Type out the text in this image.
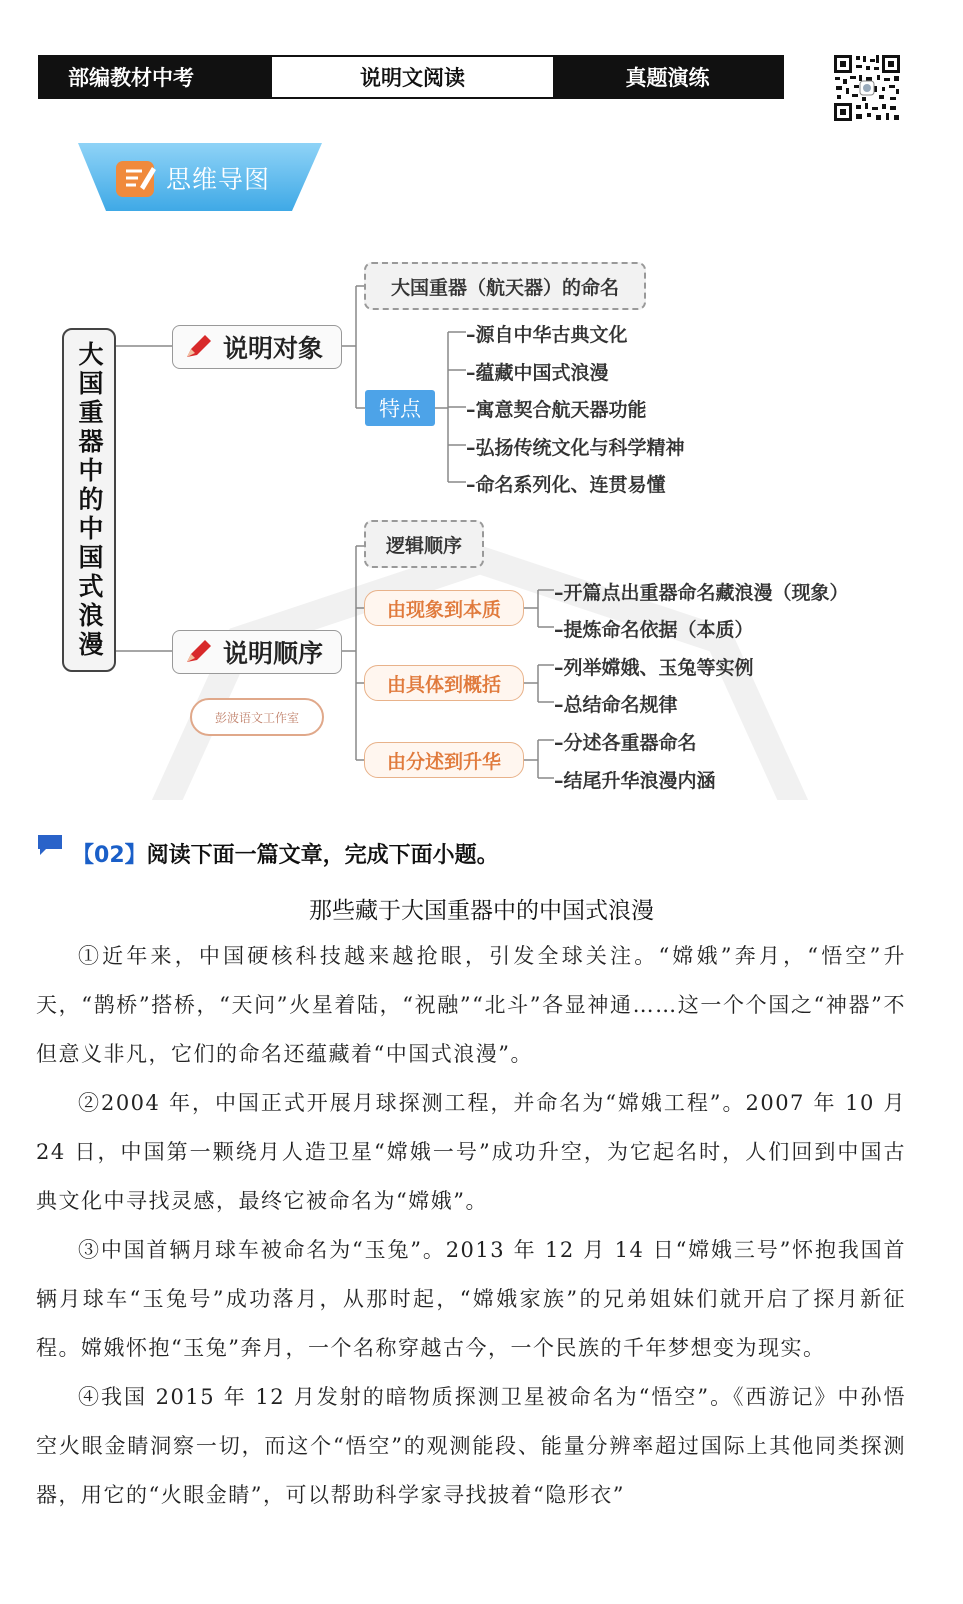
部编教材中考	说明文阅读	真题演练
思维导图
大国重器中的中国式浪漫	说明对象
大国重器（航天器）的命名
特点
–源自中华古典文化
–蕴藏中国式浪漫
–寓意契合航天器功能
–弘扬传统文化与科学精神
–命名系列化、连贯易懂
说明顺序
逻辑顺序
由现象到本质
–开篇点出重器命名藏浪漫（现象）
–提炼命名依据（本质）
由具体到概括
–列举嫦娥、玉兔等实例
–总结命名规律
由分述到升华
–分述各重器命名
–结尾升华浪漫内涵
彭波语文工作室
【02】阅读下面一篇文章，完成下面小题。
那些藏于大国重器中的中国式浪漫

①近年来，中国硬核科技越来越抢眼，引发全球关注。“嫦娥”奔月，“悟空”升天，“鹊桥”搭桥，“天问”火星着陆，“祝融”“北斗”各显神通……这一个个国之“神器”不但意义非凡，它们的命名还蕴藏着“中国式浪漫”。

②2004 年，中国正式开展月球探测工程，并命名为“嫦娥工程”。2007 年 10 月 24 日，中国第一颗绕月人造卫星“嫦娥一号”成功升空，为它起名时，人们回到中国古典文化中寻找灵感，最终它被命名为“嫦娥”。

③中国首辆月球车被命名为“玉兔”。2013 年 12 月 14 日“嫦娥三号”怀抱我国首辆月球车“玉兔号”成功落月，从那时起，“嫦娥家族”的兄弟姐妹们就开启了探月新征程。嫦娥怀抱“玉兔”奔月，一个名称穿越古今，一个民族的千年梦想变为现实。

④我国 2015 年 12 月发射的暗物质探测卫星被命名为“悟空”。《西游记》中孙悟空火眼金睛洞察一切，而这个“悟空”的观测能段、能量分辨率超过国际上其他同类探测器，用它的“火眼金睛”，可以帮助科学家寻找披着“隐形衣”
